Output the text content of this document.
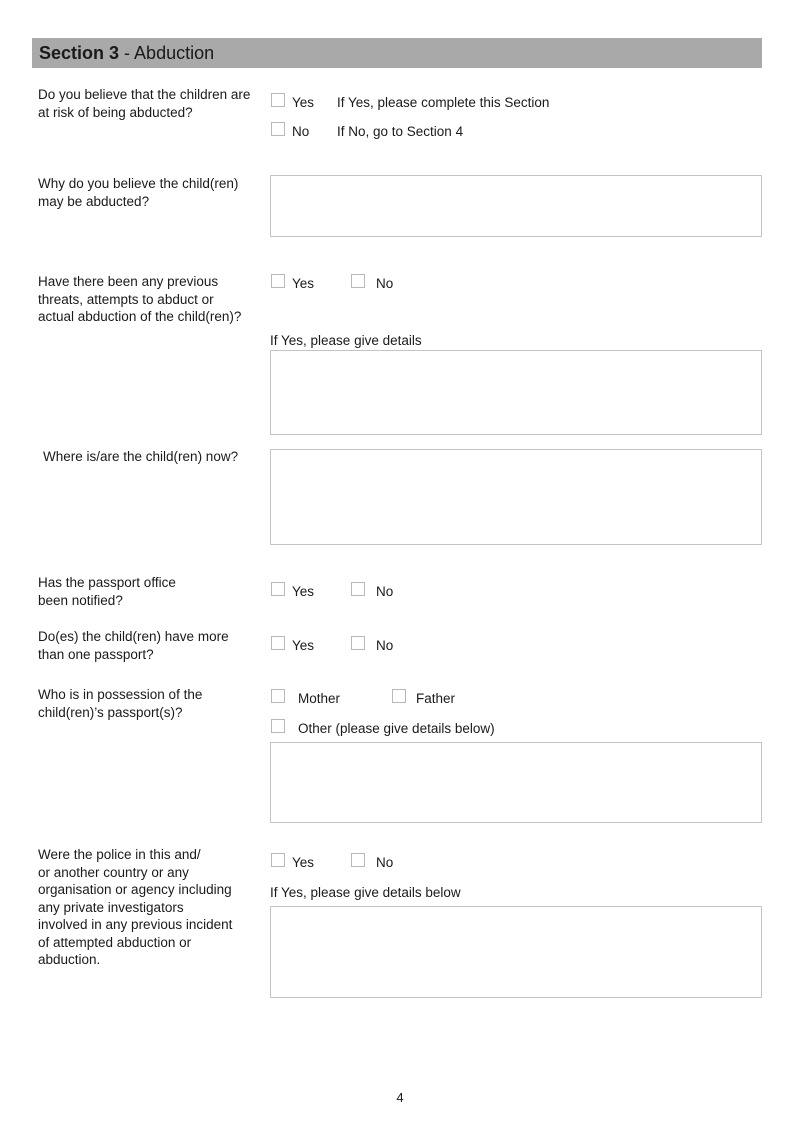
Section 3 - Abduction
Do you believe that the children are at risk of being abducted?
Yes If Yes, please complete this Section
No If No, go to Section 4
Why do you believe the child(ren) may be abducted?
Have there been any previous threats, attempts to abduct or actual abduction of the child(ren)?
Yes	No
If Yes, please give details
Where is/are the child(ren) now?
Has the passport office
been notified?
Yes	No
Do(es) the child(ren) have more
than one passport?
Yes	No
Who is in possession of the
child(ren)’s passport(s)?
Mother	Father
Other (please give details below)
Were the police in this and/
or another country or any
organisation or agency including
any private investigators
involved in any previous incident
of attempted abduction or
abduction.
Yes	No
If Yes, please give details below
4
